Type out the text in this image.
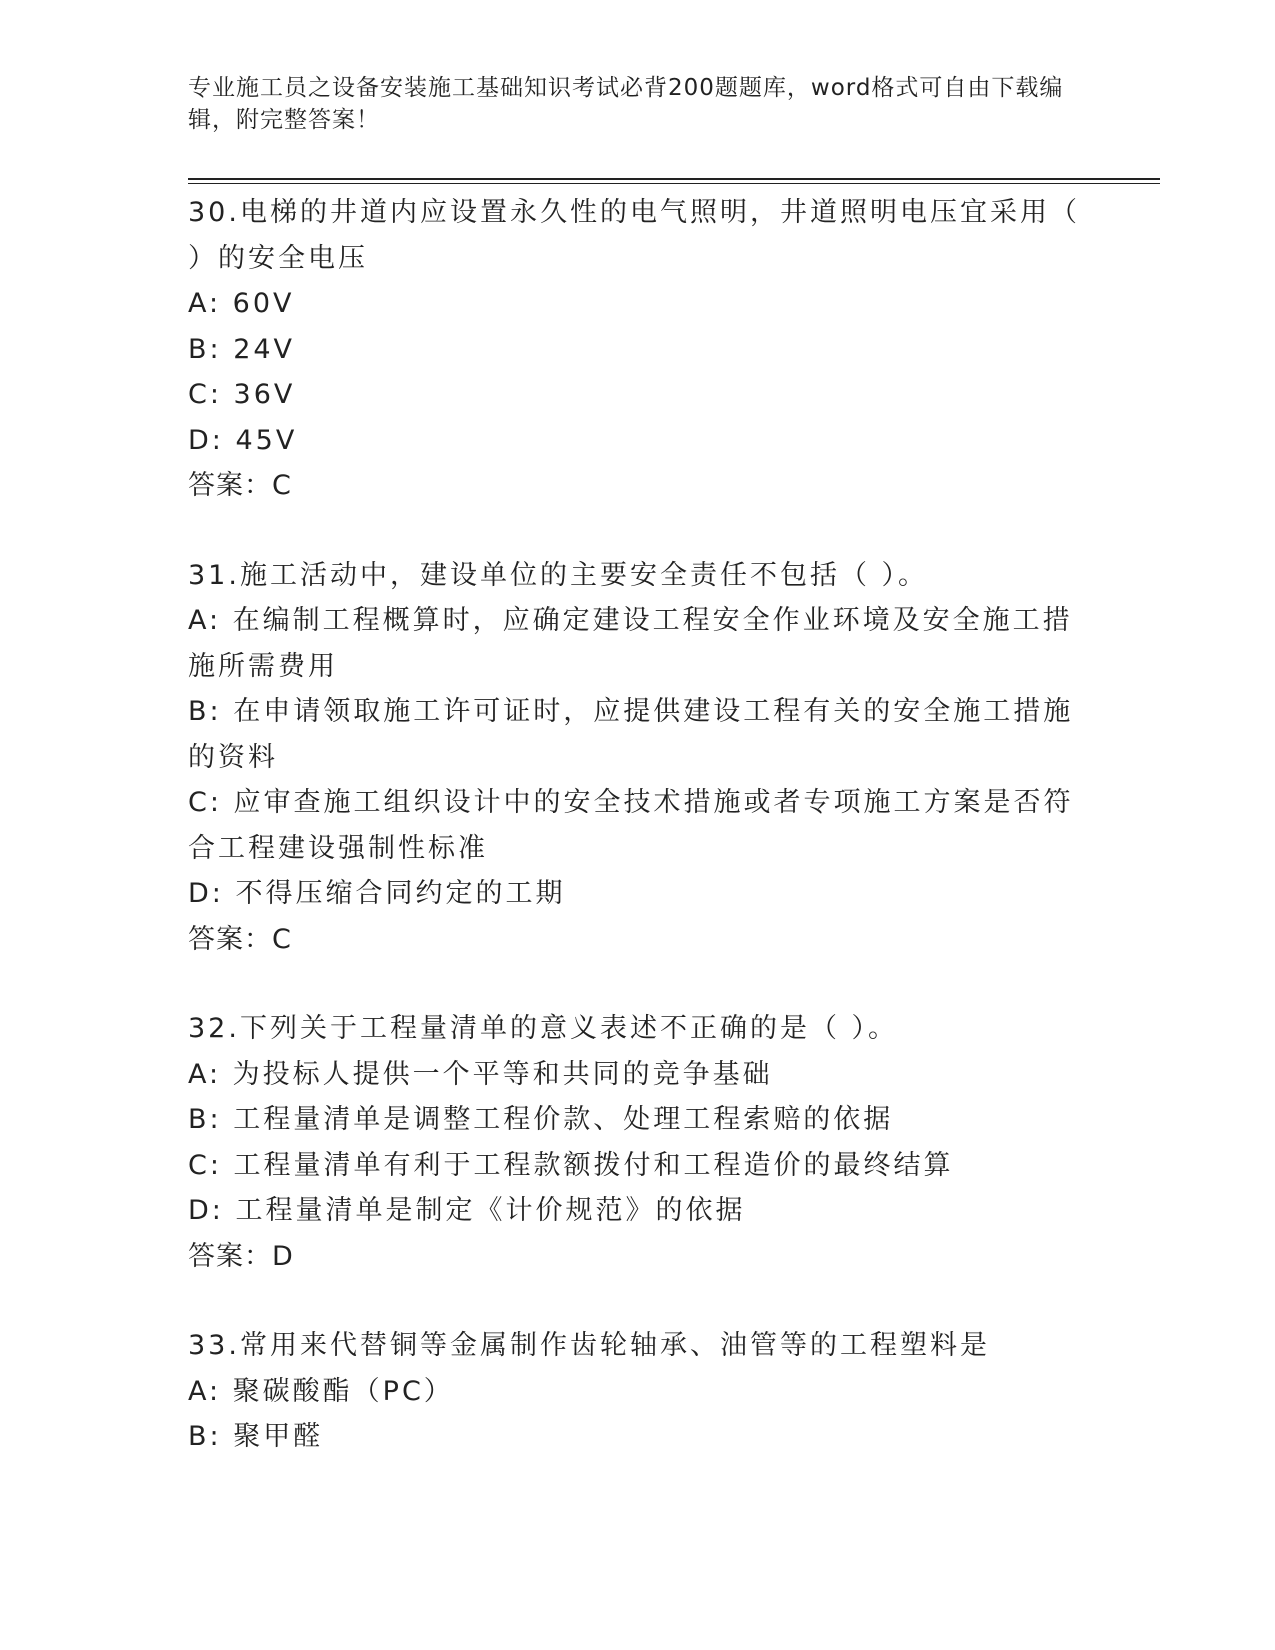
专业施工员之设备安装施工基础知识考试必背200题题库，word格式可自由下载编辑，附完整答案！
30.电梯的井道内应设置永久性的电气照明，井道照明电压宜采用（ ）的安全电压
A: 60V
B: 24V
C: 36V
D: 45V
答案：C
31.施工活动中，建设单位的主要安全责任不包括（ ）。
A: 在编制工程概算时，应确定建设工程安全作业环境及安全施工措施所需费用
B: 在申请领取施工许可证时，应提供建设工程有关的安全施工措施的资料
C: 应审查施工组织设计中的安全技术措施或者专项施工方案是否符合工程建设强制性标准
D: 不得压缩合同约定的工期
答案：C
32.下列关于工程量清单的意义表述不正确的是（ ）。
A: 为投标人提供一个平等和共同的竞争基础
B: 工程量清单是调整工程价款、处理工程索赔的依据
C: 工程量清单有利于工程款额拨付和工程造价的最终结算
D: 工程量清单是制定《计价规范》的依据
答案：D
33.常用来代替铜等金属制作齿轮轴承、油管等的工程塑料是
A: 聚碳酸酯（PC）
B: 聚甲醛
